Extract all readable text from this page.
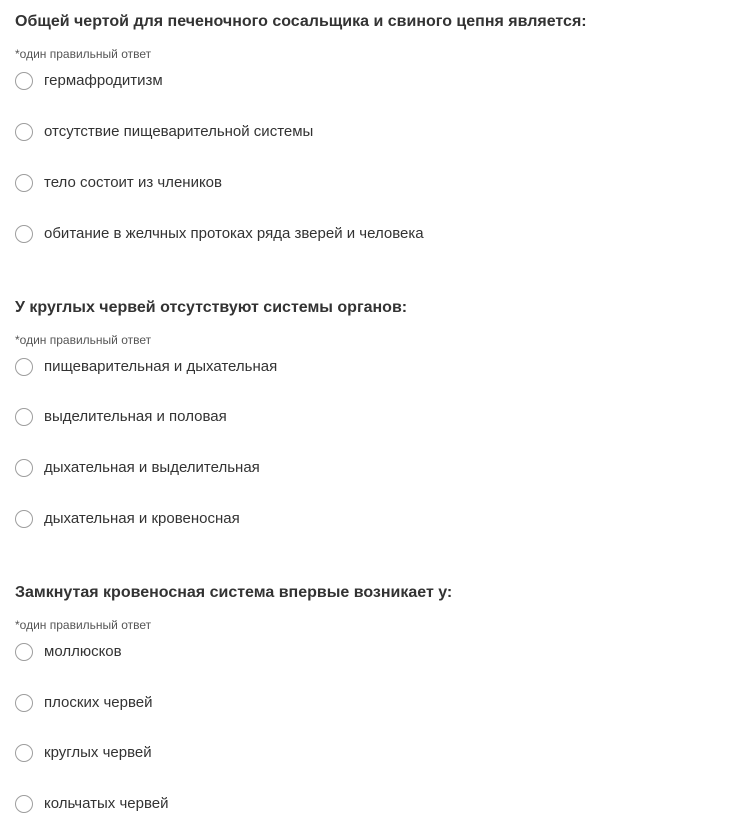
Общей чертой для печеночного сосальщика и свиного цепня является:
*один правильный ответ
гермафродитизм
отсутствие пищеварительной системы
тело состоит из члеников
обитание в желчных протоках ряда зверей и человека
У круглых червей отсутствуют системы органов:
*один правильный ответ
пищеварительная и дыхательная
выделительная и половая
дыхательная и выделительная
дыхательная и кровеносная
Замкнутая кровеносная система впервые возникает у:
*один правильный ответ
моллюсков
плоских червей
круглых червей
кольчатых червей
